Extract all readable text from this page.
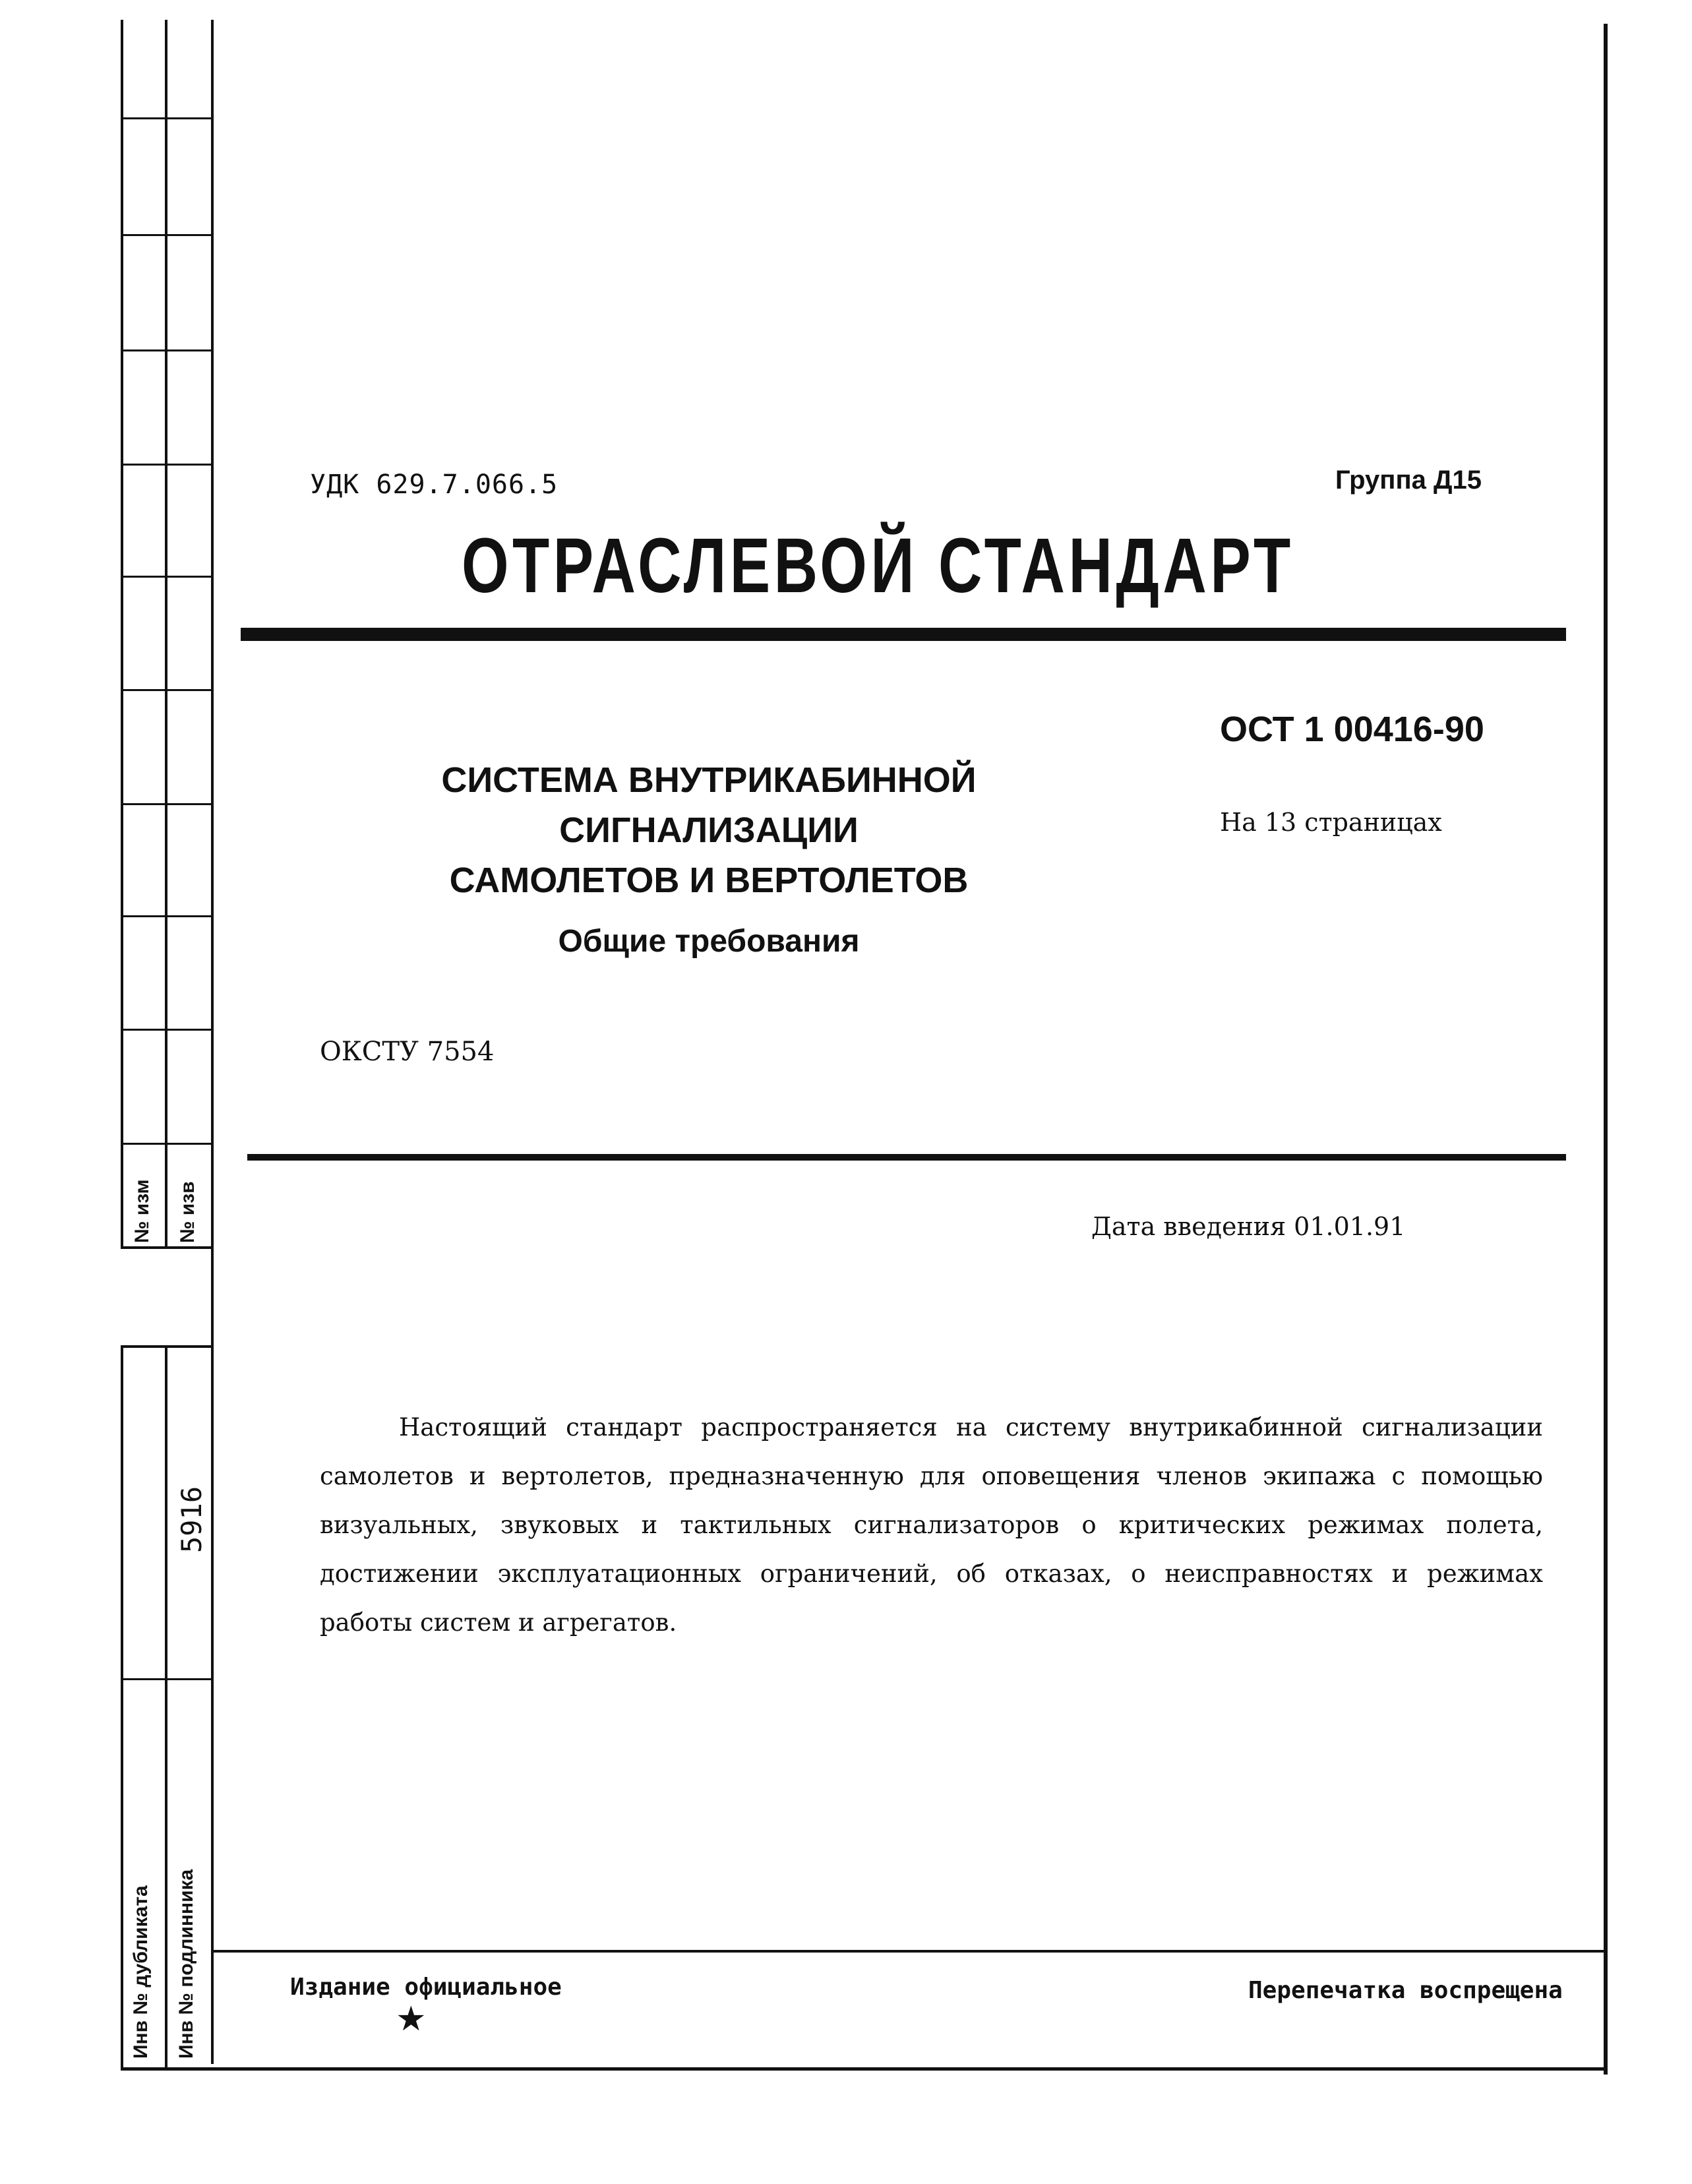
№ изм № изв
5916
Инв № дубликата Инв № подлинника
УДК 629.7.066.5	Группа Д15
ОТРАСЛЕВОЙ СТАНДАРТ
ОСТ 1 00416-90
На 13 страницах
СИСТЕМА ВНУТРИКАБИННОЙ
СИГНАЛИЗАЦИИ
САМОЛЕТОВ И ВЕРТОЛЕТОВ
Общие требования
ОКСТУ 7554
Дата введения 01.01.91

Настоящий стандарт распространяется на систему внутрикабинной сигнализации самолетов и вертолетов, предназначенную для оповещения членов экипажа с помощью визуальных, звуковых и тактильных сигнализаторов о критических режимах полета, достижении эксплуатационных ограничений, об отказах, о неисправностях и режимах работы систем и агрегатов.

Издание официальное
★
Перепечатка воспрещена
